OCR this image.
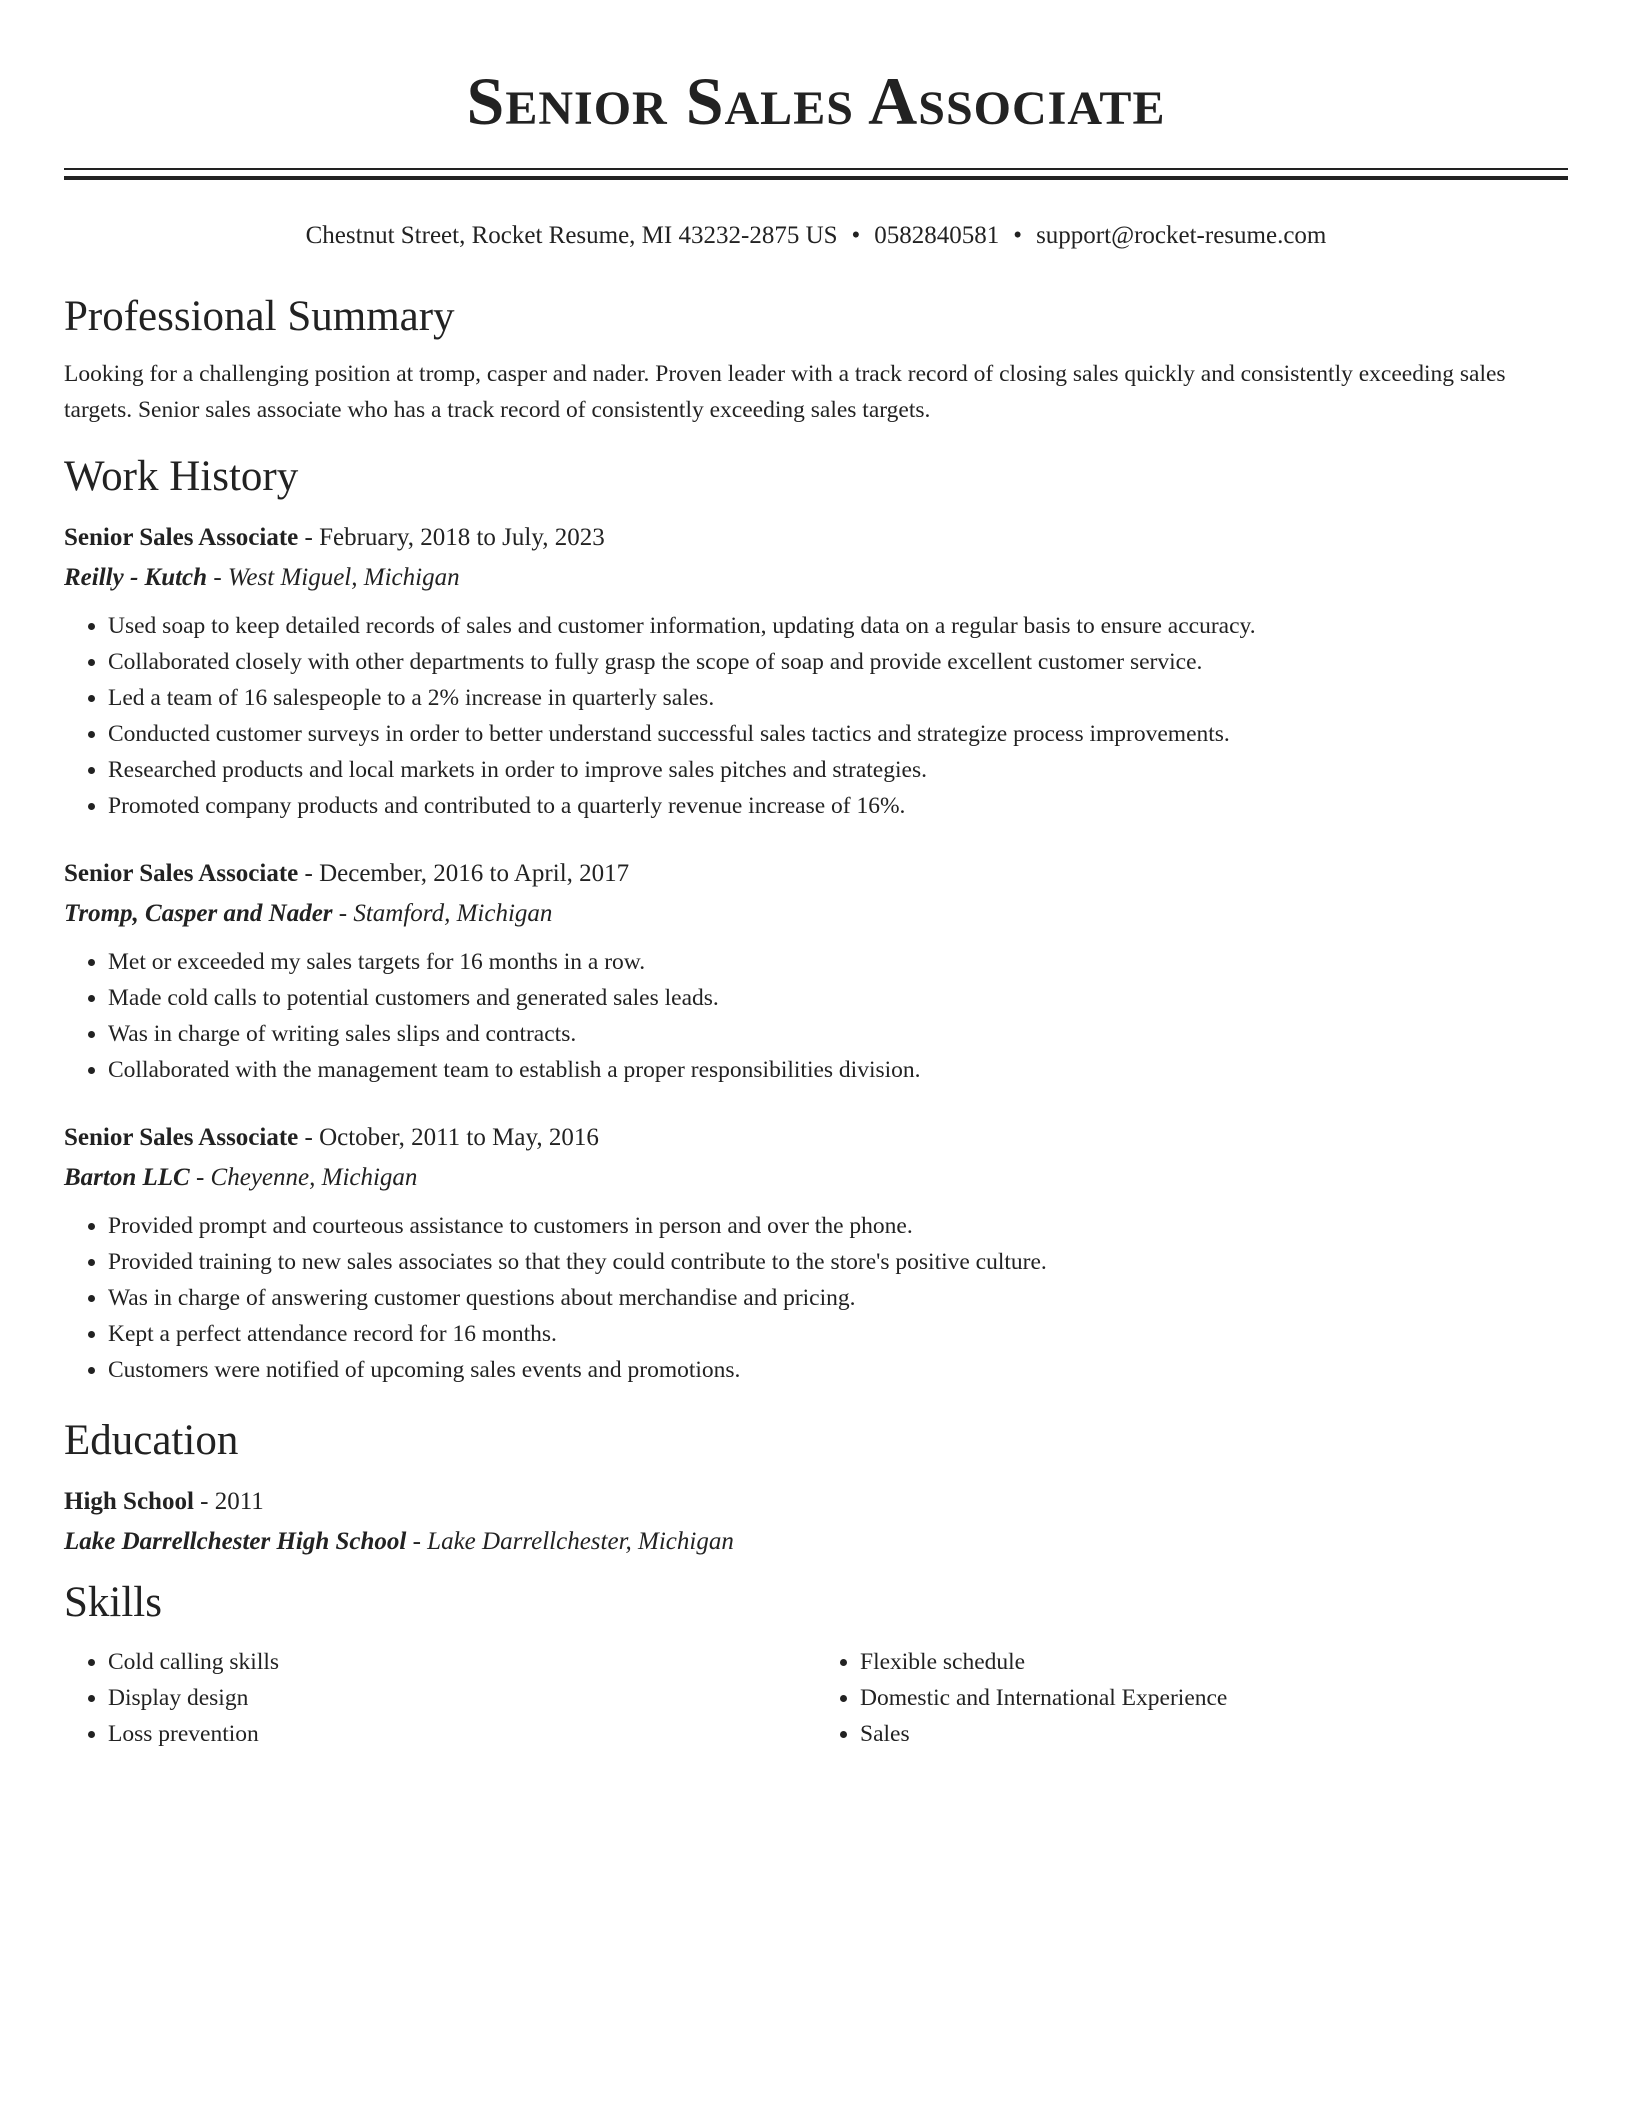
Senior Sales Associate
Chestnut Street, Rocket Resume, MI 43232-2875 US • 0582840581 • support@rocket-resume.com
Professional Summary
Looking for a challenging position at tromp, casper and nader. Proven leader with a track record of closing sales quickly and consistently exceeding sales targets. Senior sales associate who has a track record of consistently exceeding sales targets.
Work History
Senior Sales Associate - February, 2018 to July, 2023
Reilly - Kutch - West Miguel, Michigan
• Used soap to keep detailed records of sales and customer information, updating data on a regular basis to ensure accuracy.
• Collaborated closely with other departments to fully grasp the scope of soap and provide excellent customer service.
• Led a team of 16 salespeople to a 2% increase in quarterly sales.
• Conducted customer surveys in order to better understand successful sales tactics and strategize process improvements.
• Researched products and local markets in order to improve sales pitches and strategies.
• Promoted company products and contributed to a quarterly revenue increase of 16%.
Senior Sales Associate - December, 2016 to April, 2017
Tromp, Casper and Nader - Stamford, Michigan
• Met or exceeded my sales targets for 16 months in a row.
• Made cold calls to potential customers and generated sales leads.
• Was in charge of writing sales slips and contracts.
• Collaborated with the management team to establish a proper responsibilities division.
Senior Sales Associate - October, 2011 to May, 2016
Barton LLC - Cheyenne, Michigan
• Provided prompt and courteous assistance to customers in person and over the phone.
• Provided training to new sales associates so that they could contribute to the store's positive culture.
• Was in charge of answering customer questions about merchandise and pricing.
• Kept a perfect attendance record for 16 months.
• Customers were notified of upcoming sales events and promotions.
Education
High School - 2011
Lake Darrellchester High School - Lake Darrellchester, Michigan
Skills
• Cold calling skills
• Display design
• Loss prevention
• Flexible schedule
• Domestic and International Experience
• Sales
